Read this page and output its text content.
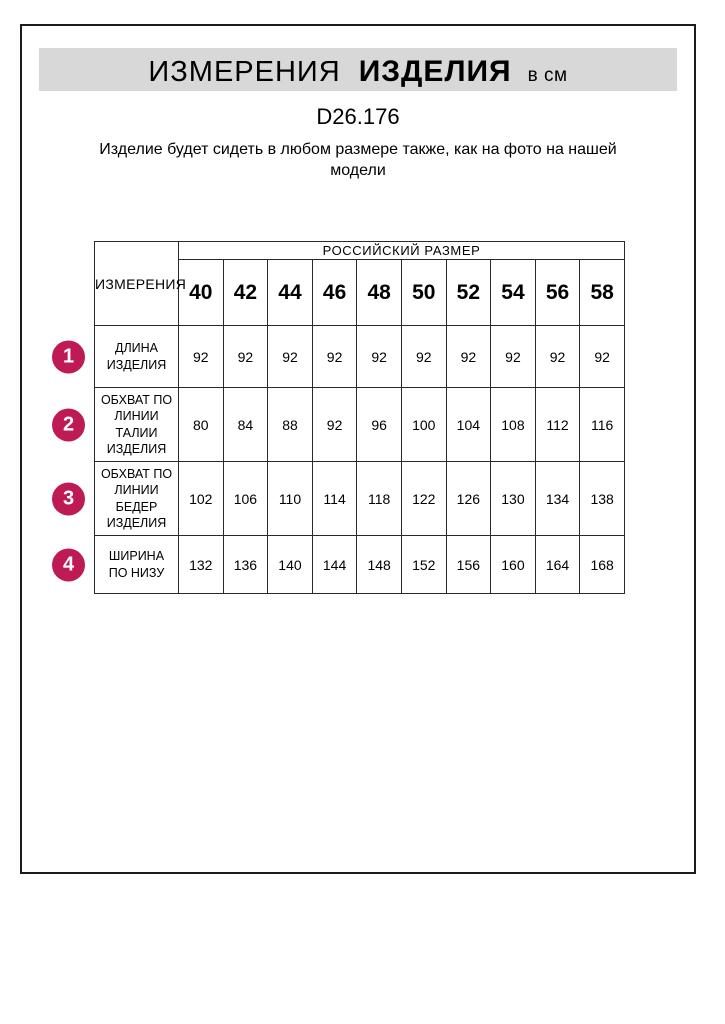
ИЗМЕРЕНИЯ ИЗДЕЛИЯ в см
D26.176
Изделие будет сидеть в любом размере также, как на фото на нашей модели
ИЗМЕРЕНИЯ	РОССИЙСКИЙ РАЗМЕР									
	40	42	44	46	48	50	52	54	56	58

1 ДЛИНА ИЗДЕЛИЯ	92	92	92	92	92	92	92	92	92	92

2
ОБХВАТ ПО ЛИНИИ ТАЛИИ ИЗДЕЛИЯ	80	84	88	92	96	100	104	108	112	116

3
ОБХВАТ ПО ЛИНИИ БЕДЕР ИЗДЕЛИЯ	102	106	110	114	118	122	126	130	134	138

4 ШИРИНА ПО НИЗУ	132	136	140	144	148	152	156	160	164	168
